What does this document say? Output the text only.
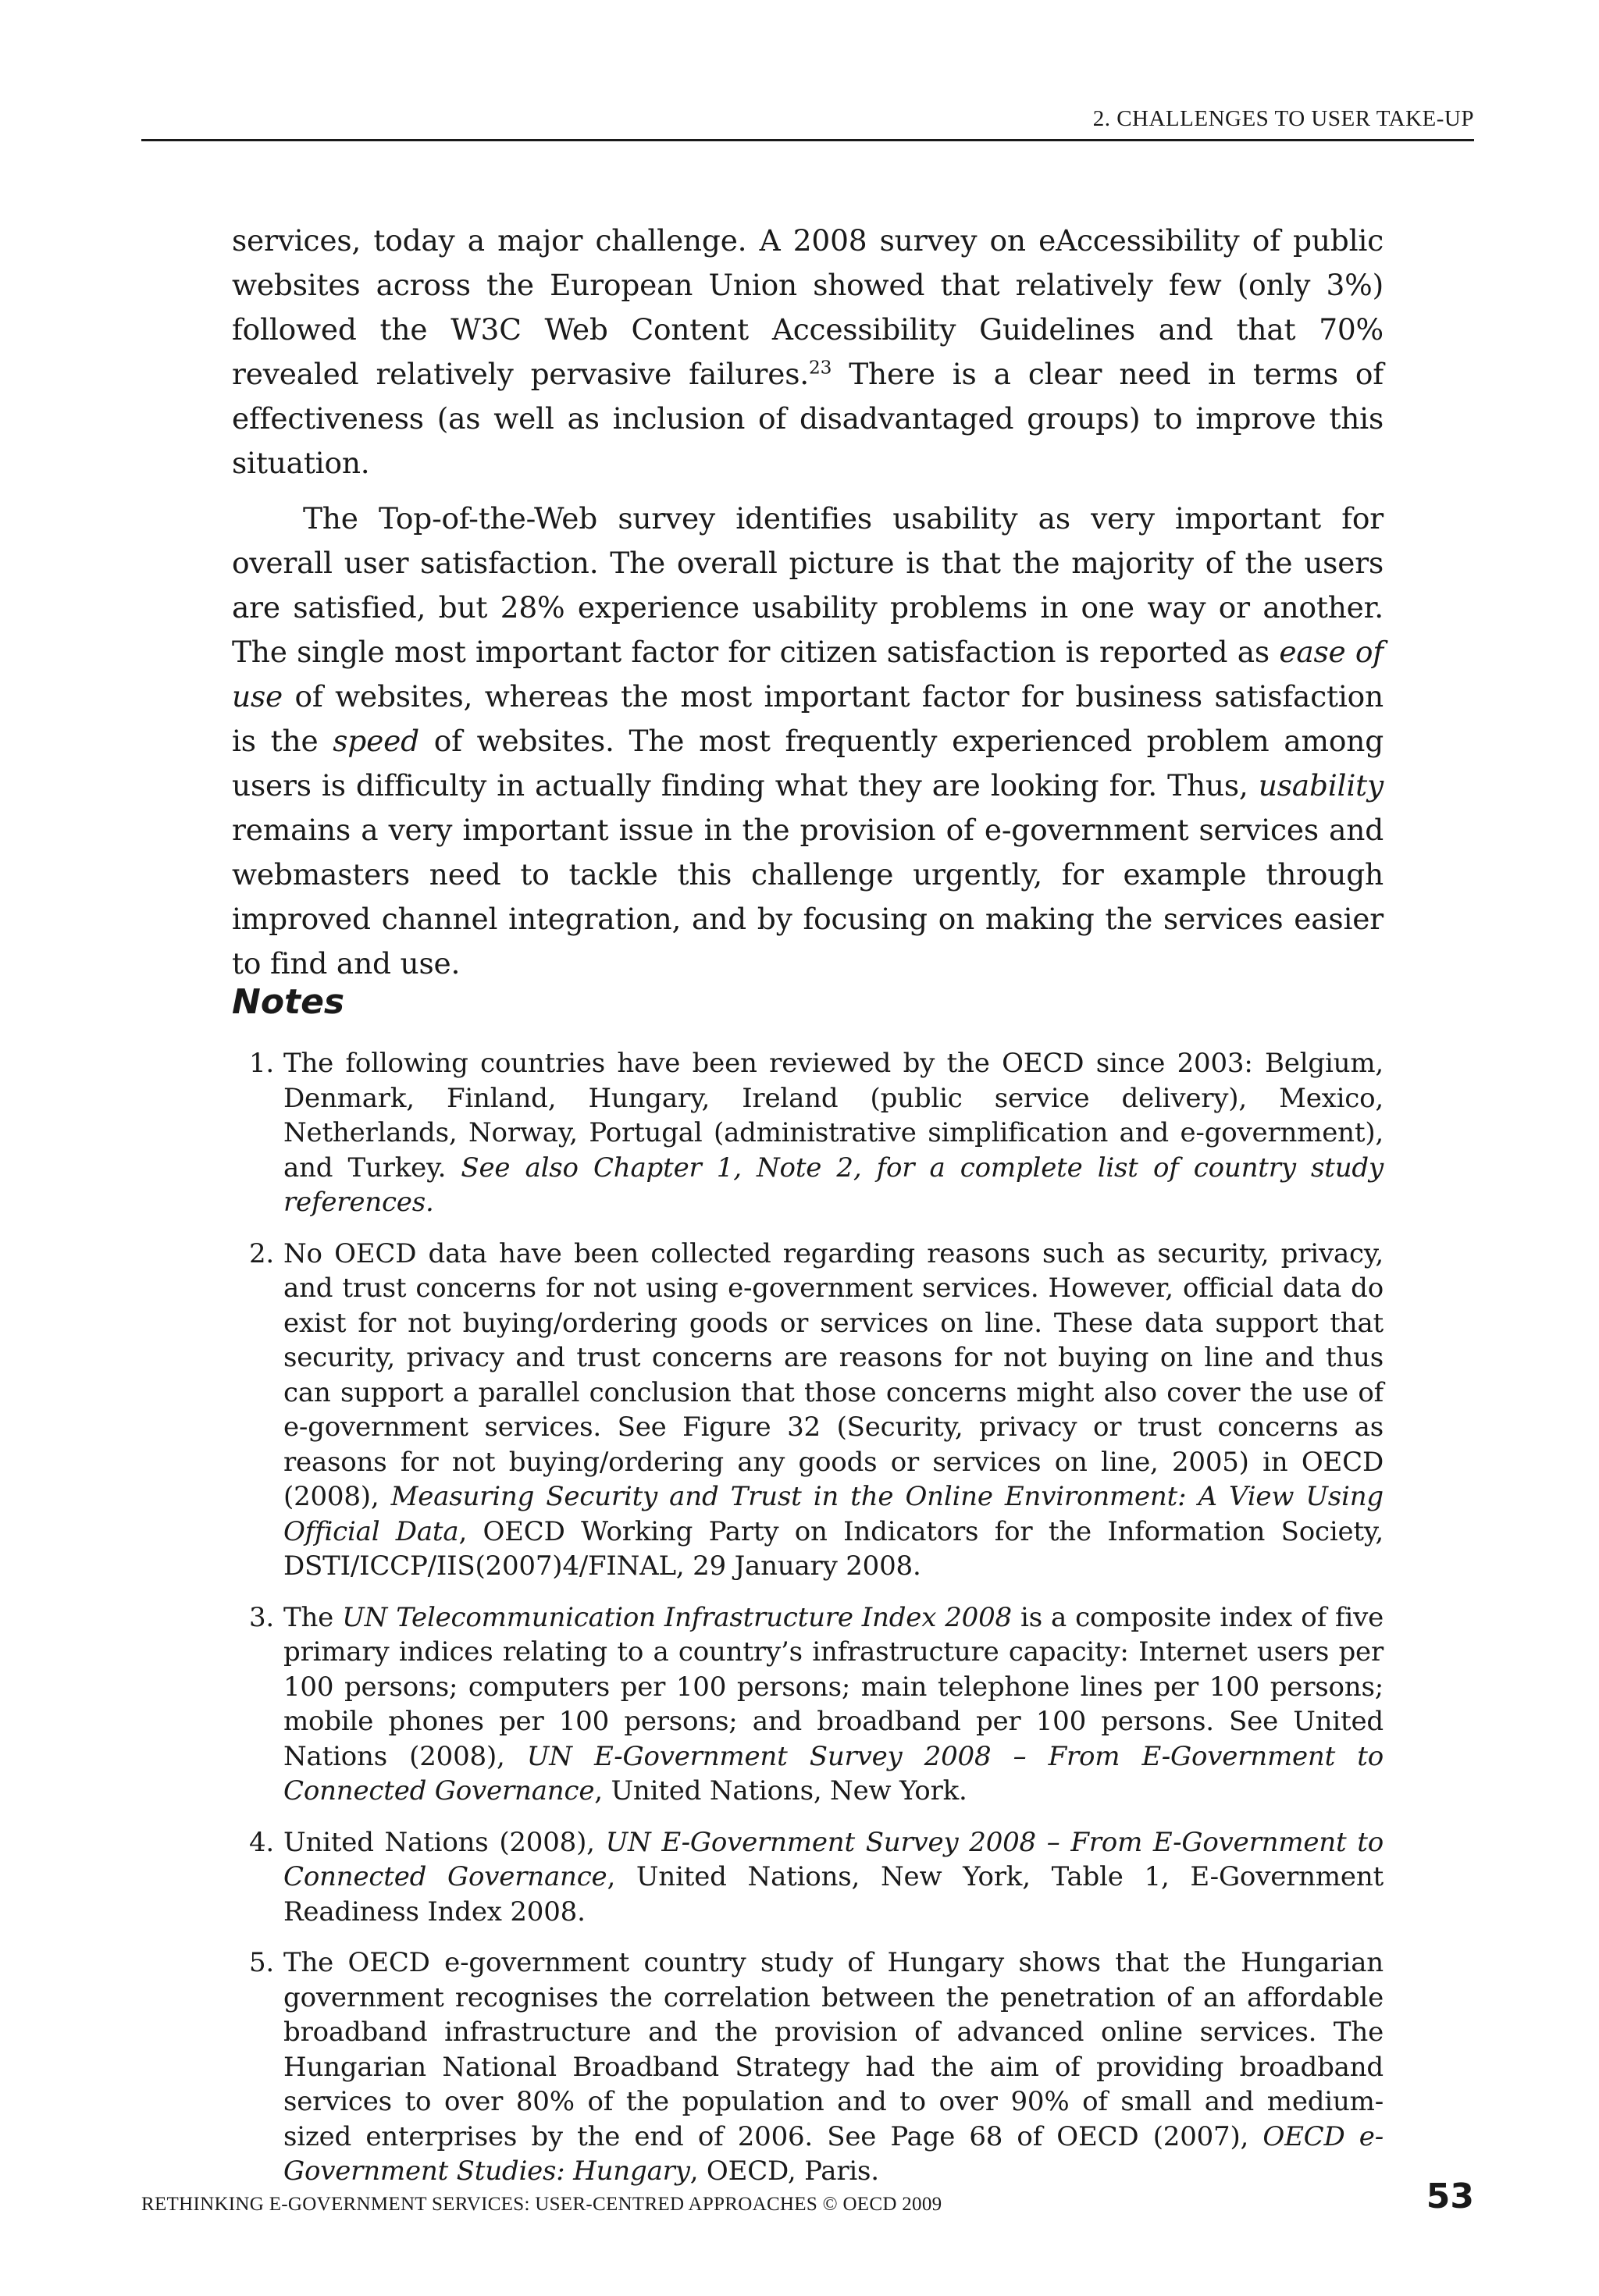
2. CHALLENGES TO USER TAKE-UP

services, today a major challenge. A 2008 survey on eAccessibility of public websites across the European Union showed that relatively few (only 3%) followed the W3C Web Content Accessibility Guidelines and that 70% revealed relatively pervasive failures.$^{23}$ There is a clear need in terms of effectiveness (as well as inclusion of disadvantaged groups) to improve this situation.

The Top-of-the-Web survey identifies usability as very important for overall user satisfaction. The overall picture is that the majority of the users are satisfied, but 28% experience usability problems in one way or another. The single most important factor for citizen satisfaction is reported as ease of use of websites, whereas the most important factor for business satisfaction is the speed of websites. The most frequently experienced problem among users is difficulty in actually finding what they are looking for. Thus, usability remains a very important issue in the provision of e-government services and webmasters need to tackle this challenge urgently, for example through improved channel integration, and by focusing on making the services easier to find and use.

Notes
1. The following countries have been reviewed by the OECD since 2003: Belgium, Denmark, Finland, Hungary, Ireland (public service delivery), Mexico, Netherlands, Norway, Portugal (administrative simplification and e-government), and Turkey. See also Chapter 1, Note 2, for a complete list of country study references.
2. No OECD data have been collected regarding reasons such as security, privacy, and trust concerns for not using e-government services. However, official data do exist for not buying/ordering goods or services on line. These data support that security, privacy and trust concerns are reasons for not buying on line and thus can support a parallel conclusion that those concerns might also cover the use of e-government services. See Figure 32 (Security, privacy or trust concerns as reasons for not buying/ordering any goods or services on line, 2005) in OECD (2008), Measuring Security and Trust in the Online Environment: A View Using Official Data, OECD Working Party on Indicators for the Information Society, DSTI/ICCP/IIS(2007)4/FINAL, 29 January 2008.
3. The UN Telecommunication Infrastructure Index 2008 is a composite index of five primary indices relating to a country’s infrastructure capacity: Internet users per 100 persons; computers per 100 persons; main telephone lines per 100 persons; mobile phones per 100 persons; and broadband per 100 persons. See United Nations (2008), UN E-Government Survey 2008 – From E-Government to Connected Governance, United Nations, New York.
4. United Nations (2008), UN E-Government Survey 2008 – From E-Government to Connected Governance, United Nations, New York, Table 1, E-Government Readiness Index 2008.
5. The OECD e-government country study of Hungary shows that the Hungarian government recognises the correlation between the penetration of an affordable broadband infrastructure and the provision of advanced online services. The Hungarian National Broadband Strategy had the aim of providing broadband services to over 80% of the population and to over 90% of small and medium-sized enterprises by the end of 2006. See Page 68 of OECD (2007), OECD e-Government Studies: Hungary, OECD, Paris.
RETHINKING E-GOVERNMENT SERVICES: USER-CENTRED APPROACHES © OECD 2009	53
